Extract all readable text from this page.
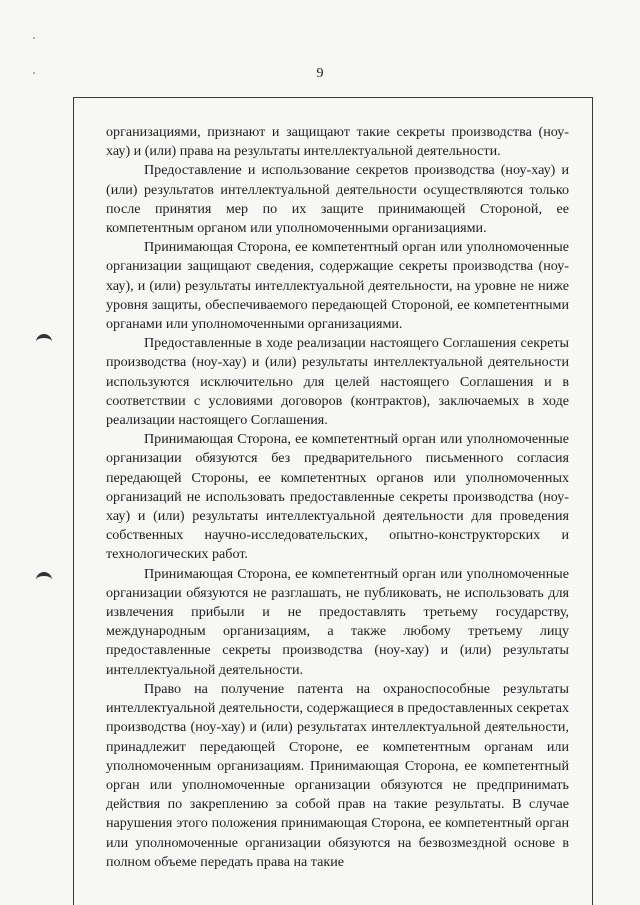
9

организациями, признают и защищают такие секреты производства (ноу-хау) и (или) права на результаты интеллектуальной деятельности.

Предоставление и использование секретов производства (ноу-хау) и (или) результатов интеллектуальной деятельности осуществляются только после принятия мер по их защите принимающей Стороной, ее компетентным органом или уполномоченными организациями.

Принимающая Сторона, ее компетентный орган или уполномоченные организации защищают сведения, содержащие секреты производства (ноу-хау), и (или) результаты интеллектуальной деятельности, на уровне не ниже уровня защиты, обеспечиваемого передающей Стороной, ее компетентными органами или уполномоченными организациями.

Предоставленные в ходе реализации настоящего Соглашения секреты производства (ноу-хау) и (или) результаты интеллектуальной деятельности используются исключительно для целей настоящего Соглашения и в соответствии с условиями договоров (контрактов), заключаемых в ходе реализации настоящего Соглашения.

Принимающая Сторона, ее компетентный орган или уполномоченные организации обязуются без предварительного письменного согласия передающей Стороны, ее компетентных органов или уполномоченных организаций не использовать предоставленные секреты производства (ноу-хау) и (или) результаты интеллектуальной деятельности для проведения собственных научно-исследовательских, опытно-конструкторских и технологических работ.

Принимающая Сторона, ее компетентный орган или уполномоченные организации обязуются не разглашать, не публиковать, не использовать для извлечения прибыли и не предоставлять третьему государству, международным организациям, а также любому третьему лицу предоставленные секреты производства (ноу-хау) и (или) результаты интеллектуальной деятельности.

Право на получение патента на охраноспособные результаты интеллектуальной деятельности, содержащиеся в предоставленных секретах производства (ноу-хау) и (или) результатах интеллектуальной деятельности, принадлежит передающей Стороне, ее компетентным органам или уполномоченным организациям. Принимающая Сторона, ее компетентный орган или уполномоченные организации обязуются не предпринимать действия по закреплению за собой прав на такие результаты. В случае нарушения этого положения принимающая Сторона, ее компетентный орган или уполномоченные организации обязуются на безвозмездной основе в полном объеме передать права на такие
